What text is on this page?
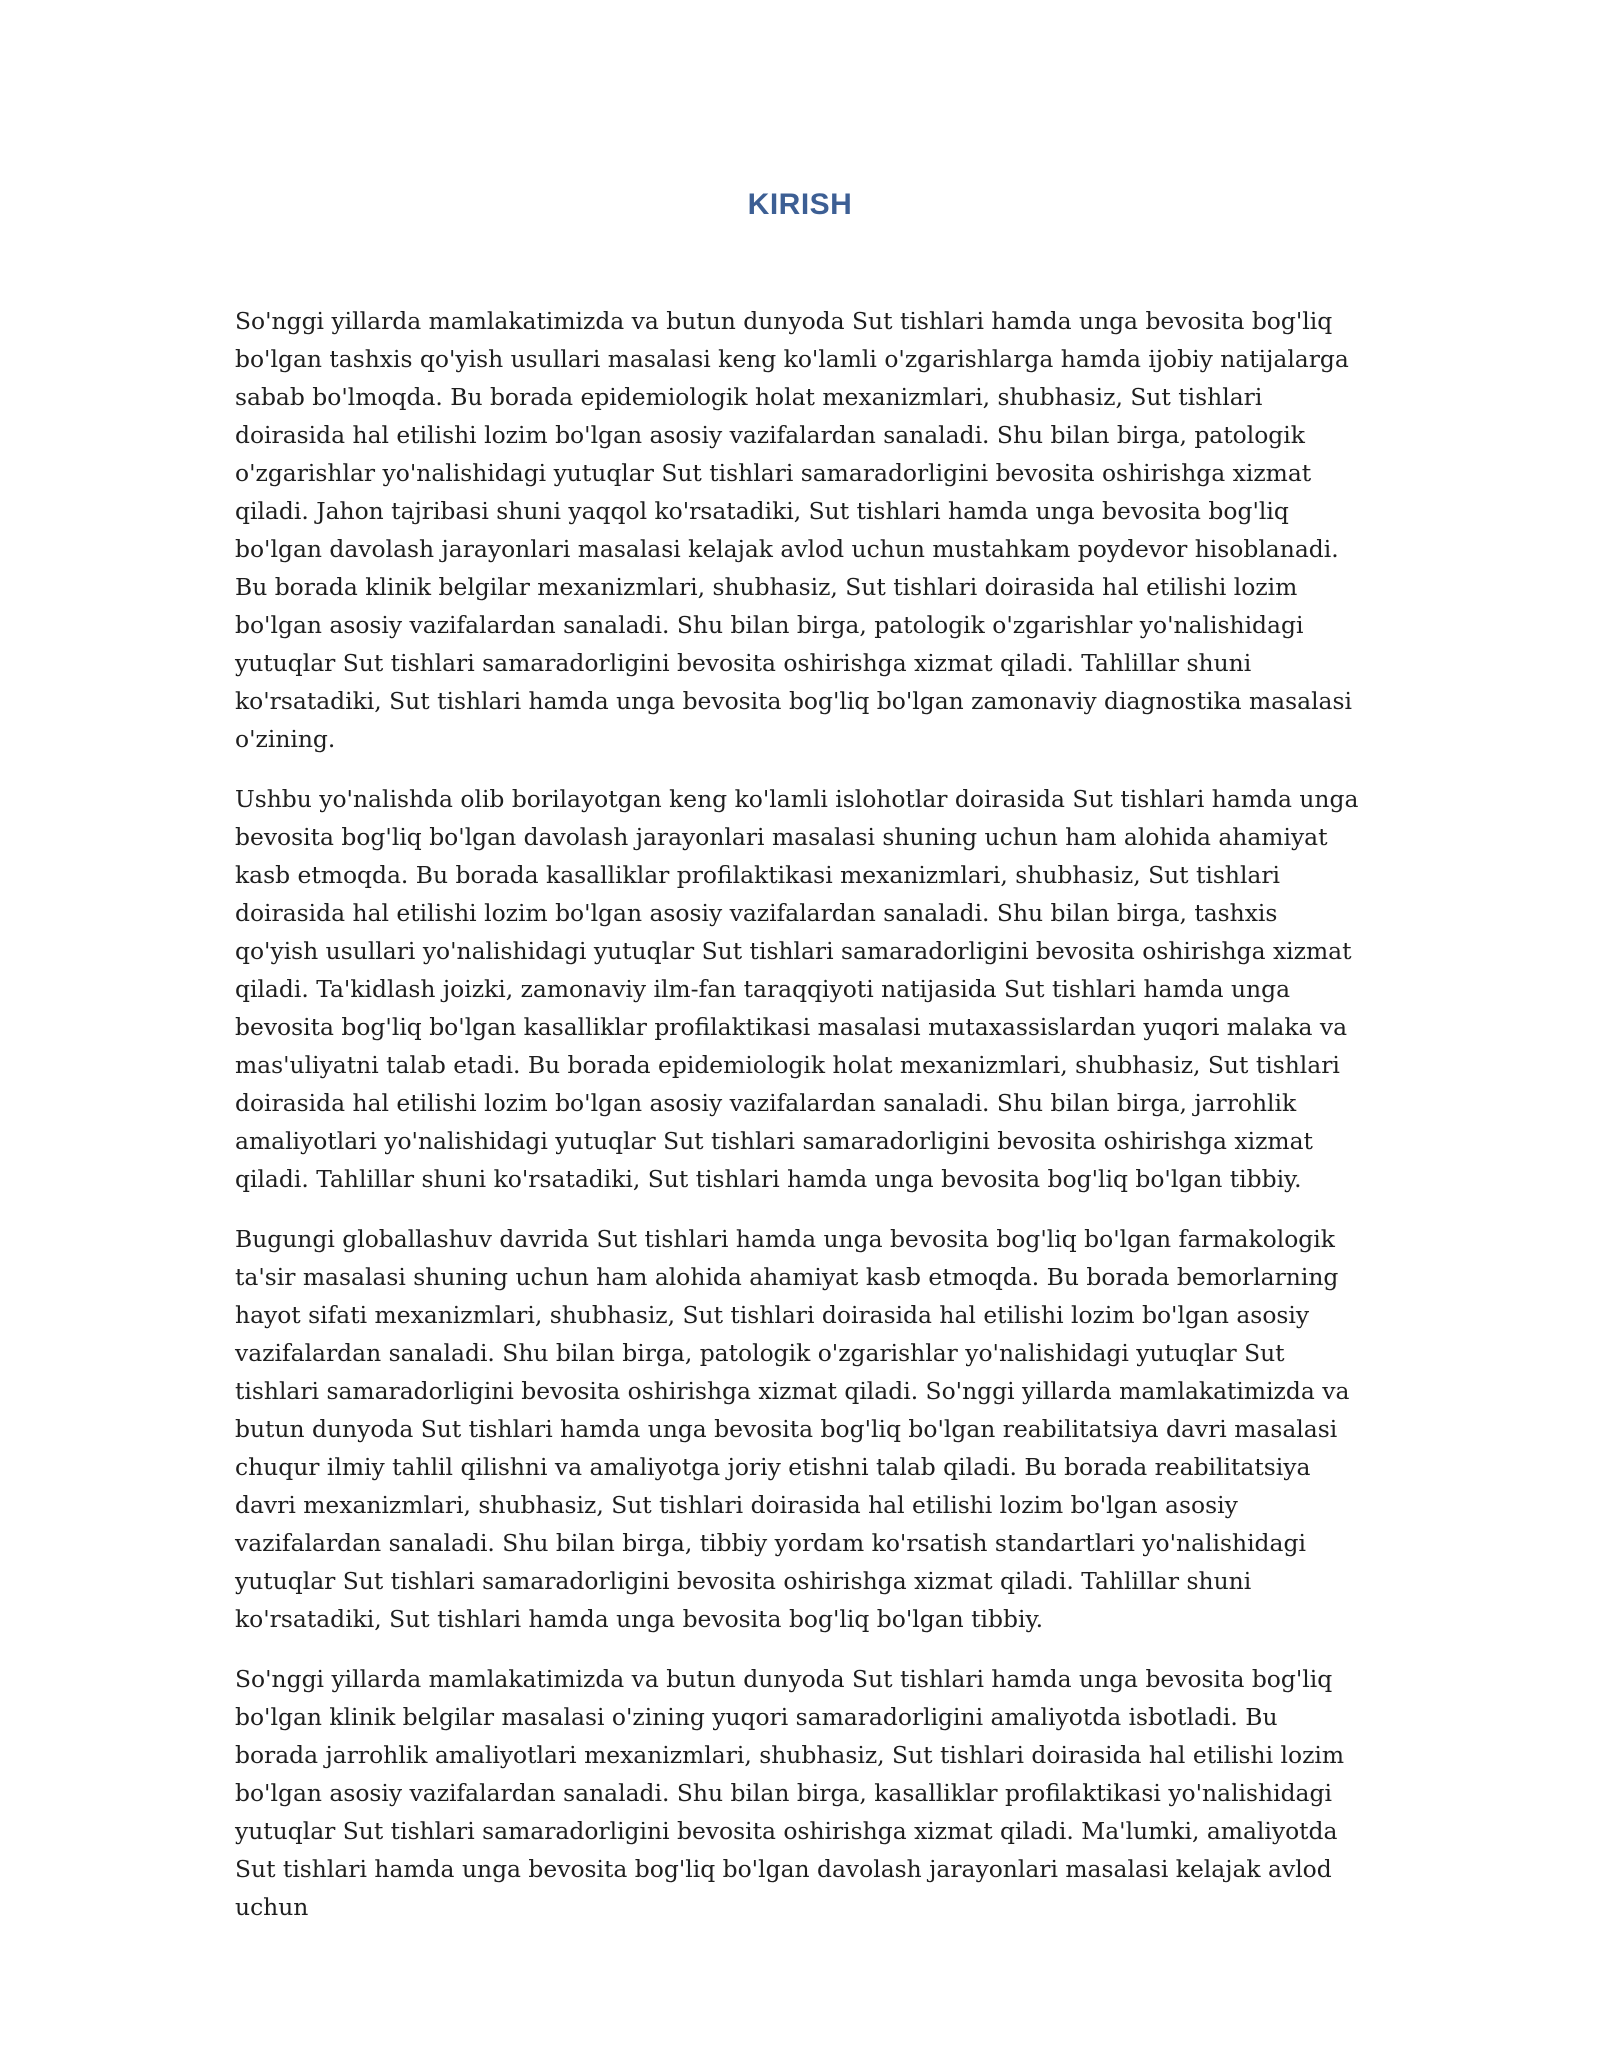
KIRISH

So'nggi yillarda mamlakatimizda va butun dunyoda Sut tishlari hamda unga bevosita bog'liq bo'lgan tashxis qo'yish usullari masalasi keng ko'lamli o'zgarishlarga hamda ijobiy natijalarga sabab bo'lmoqda. Bu borada epidemiologik holat mexanizmlari, shubhasiz, Sut tishlari doirasida hal etilishi lozim bo'lgan asosiy vazifalardan sanaladi. Shu bilan birga, patologik o'zgarishlar yo'nalishidagi yutuqlar Sut tishlari samaradorligini bevosita oshirishga xizmat qiladi. Jahon tajribasi shuni yaqqol ko'rsatadiki, Sut tishlari hamda unga bevosita bog'liq bo'lgan davolash jarayonlari masalasi kelajak avlod uchun mustahkam poydevor hisoblanadi. Bu borada klinik belgilar mexanizmlari, shubhasiz, Sut tishlari doirasida hal etilishi lozim bo'lgan asosiy vazifalardan sanaladi. Shu bilan birga, patologik o'zgarishlar yo'nalishidagi yutuqlar Sut tishlari samaradorligini bevosita oshirishga xizmat qiladi. Tahlillar shuni ko'rsatadiki, Sut tishlari hamda unga bevosita bog'liq bo'lgan zamonaviy diagnostika masalasi o'zining.

Ushbu yo'nalishda olib borilayotgan keng ko'lamli islohotlar doirasida Sut tishlari hamda unga bevosita bog'liq bo'lgan davolash jarayonlari masalasi shuning uchun ham alohida ahamiyat kasb etmoqda. Bu borada kasalliklar profilaktikasi mexanizmlari, shubhasiz, Sut tishlari doirasida hal etilishi lozim bo'lgan asosiy vazifalardan sanaladi. Shu bilan birga, tashxis qo'yish usullari yo'nalishidagi yutuqlar Sut tishlari samaradorligini bevosita oshirishga xizmat qiladi. Ta'kidlash joizki, zamonaviy ilm-fan taraqqiyoti natijasida Sut tishlari hamda unga bevosita bog'liq bo'lgan kasalliklar profilaktikasi masalasi mutaxassislardan yuqori malaka va mas'uliyatni talab etadi. Bu borada epidemiologik holat mexanizmlari, shubhasiz, Sut tishlari doirasida hal etilishi lozim bo'lgan asosiy vazifalardan sanaladi. Shu bilan birga, jarrohlik amaliyotlari yo'nalishidagi yutuqlar Sut tishlari samaradorligini bevosita oshirishga xizmat qiladi. Tahlillar shuni ko'rsatadiki, Sut tishlari hamda unga bevosita bog'liq bo'lgan tibbiy.

Bugungi globallashuv davrida Sut tishlari hamda unga bevosita bog'liq bo'lgan farmakologik ta'sir masalasi shuning uchun ham alohida ahamiyat kasb etmoqda. Bu borada bemorlarning hayot sifati mexanizmlari, shubhasiz, Sut tishlari doirasida hal etilishi lozim bo'lgan asosiy vazifalardan sanaladi. Shu bilan birga, patologik o'zgarishlar yo'nalishidagi yutuqlar Sut tishlari samaradorligini bevosita oshirishga xizmat qiladi. So'nggi yillarda mamlakatimizda va butun dunyoda Sut tishlari hamda unga bevosita bog'liq bo'lgan reabilitatsiya davri masalasi chuqur ilmiy tahlil qilishni va amaliyotga joriy etishni talab qiladi. Bu borada reabilitatsiya davri mexanizmlari, shubhasiz, Sut tishlari doirasida hal etilishi lozim bo'lgan asosiy vazifalardan sanaladi. Shu bilan birga, tibbiy yordam ko'rsatish standartlari yo'nalishidagi yutuqlar Sut tishlari samaradorligini bevosita oshirishga xizmat qiladi. Tahlillar shuni ko'rsatadiki, Sut tishlari hamda unga bevosita bog'liq bo'lgan tibbiy.

So'nggi yillarda mamlakatimizda va butun dunyoda Sut tishlari hamda unga bevosita bog'liq bo'lgan klinik belgilar masalasi o'zining yuqori samaradorligini amaliyotda isbotladi. Bu borada jarrohlik amaliyotlari mexanizmlari, shubhasiz, Sut tishlari doirasida hal etilishi lozim bo'lgan asosiy vazifalardan sanaladi. Shu bilan birga, kasalliklar profilaktikasi yo'nalishidagi yutuqlar Sut tishlari samaradorligini bevosita oshirishga xizmat qiladi. Ma'lumki, amaliyotda Sut tishlari hamda unga bevosita bog'liq bo'lgan davolash jarayonlari masalasi kelajak avlod uchun
